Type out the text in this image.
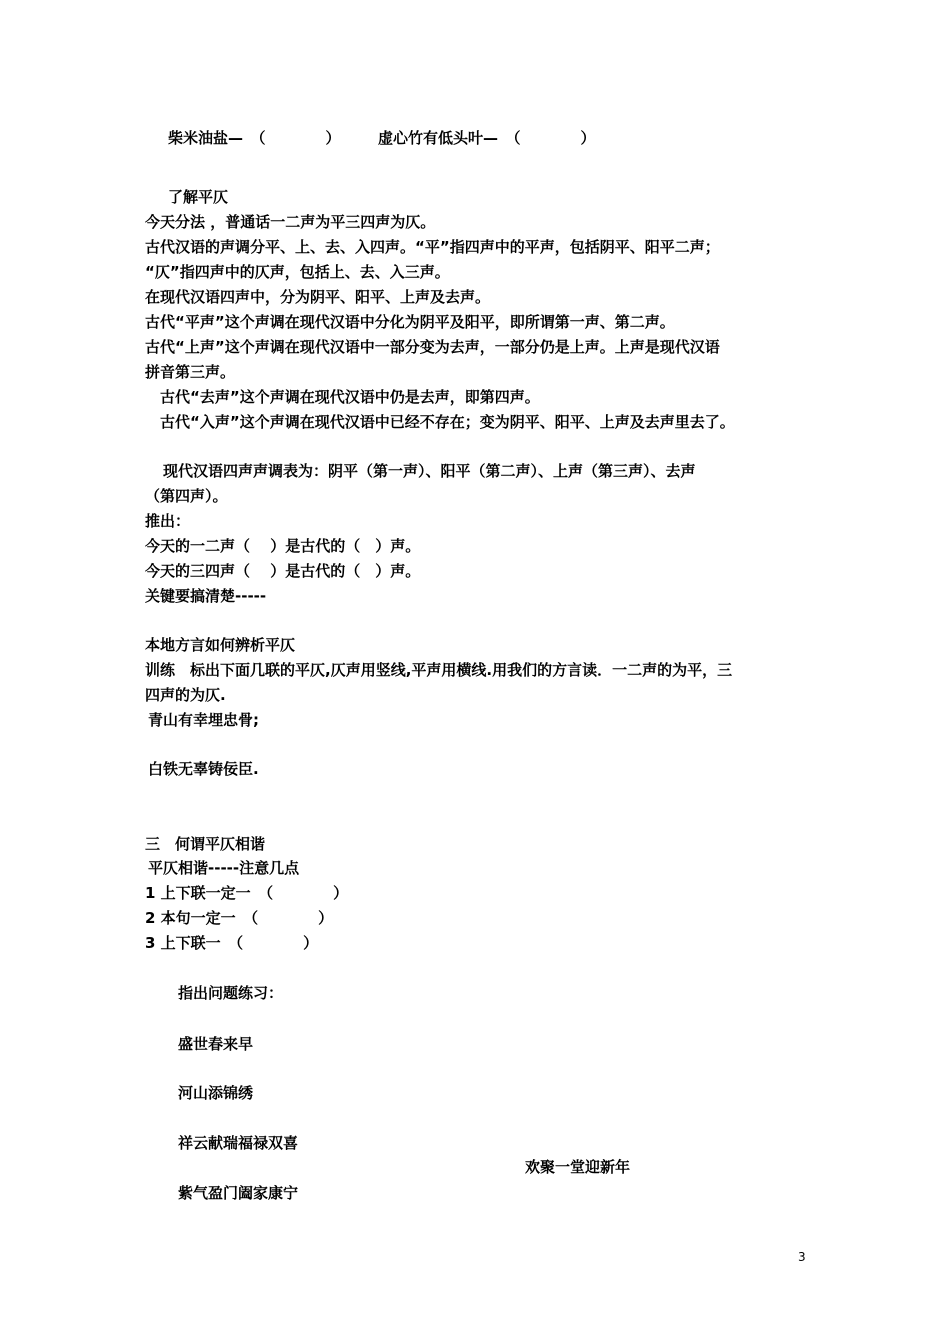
柴米油盐—　（　　　　）　　　虚心竹有低头叶—　（　　　　）
了解平仄
今天分法 ，普通话一二声为平三四声为仄。
古代汉语的声调分平、上、去、入四声。“平”指四声中的平声，包括阴平、阳平二声；
“仄”指四声中的仄声，包括上、去、入三声。
在现代汉语四声中，分为阴平、阳平、上声及去声。
古代“平声”这个声调在现代汉语中分化为阴平及阳平，即所谓第一声、第二声。
古代“上声”这个声调在现代汉语中一部分变为去声，一部分仍是上声。上声是现代汉语
拼音第三声。
古代“去声”这个声调在现代汉语中仍是去声，即第四声。
古代“入声”这个声调在现代汉语中已经不存在；变为阴平、阳平、上声及去声里去了。
现代汉语四声声调表为：阴平（第一声）、阳平（第二声）、上声（第三声）、去声
（第四声）。
推出：
今天的一二声（　 ）是古代的（　）声。
今天的三四声（　 ）是古代的（　）声。
关键要搞清楚-----
本地方言如何辨析平仄
训练　标出下面几联的平仄,仄声用竖线,平声用横线.用我们的方言读．一二声的为平，三
四声的为仄.
青山有幸埋忠骨;
白铁无辜铸佞臣.
三　何谓平仄相谐
平仄相谐-----注意几点
1 上下联一定一　（　　　　）
2 本句一定一　（　　　　）
3 上下联一　（　　　　）
指出问题练习：
盛世春来早
河山添锦绣
祥云献瑞福禄双喜
欢聚一堂迎新年
紫气盈门阖家康宁
3
